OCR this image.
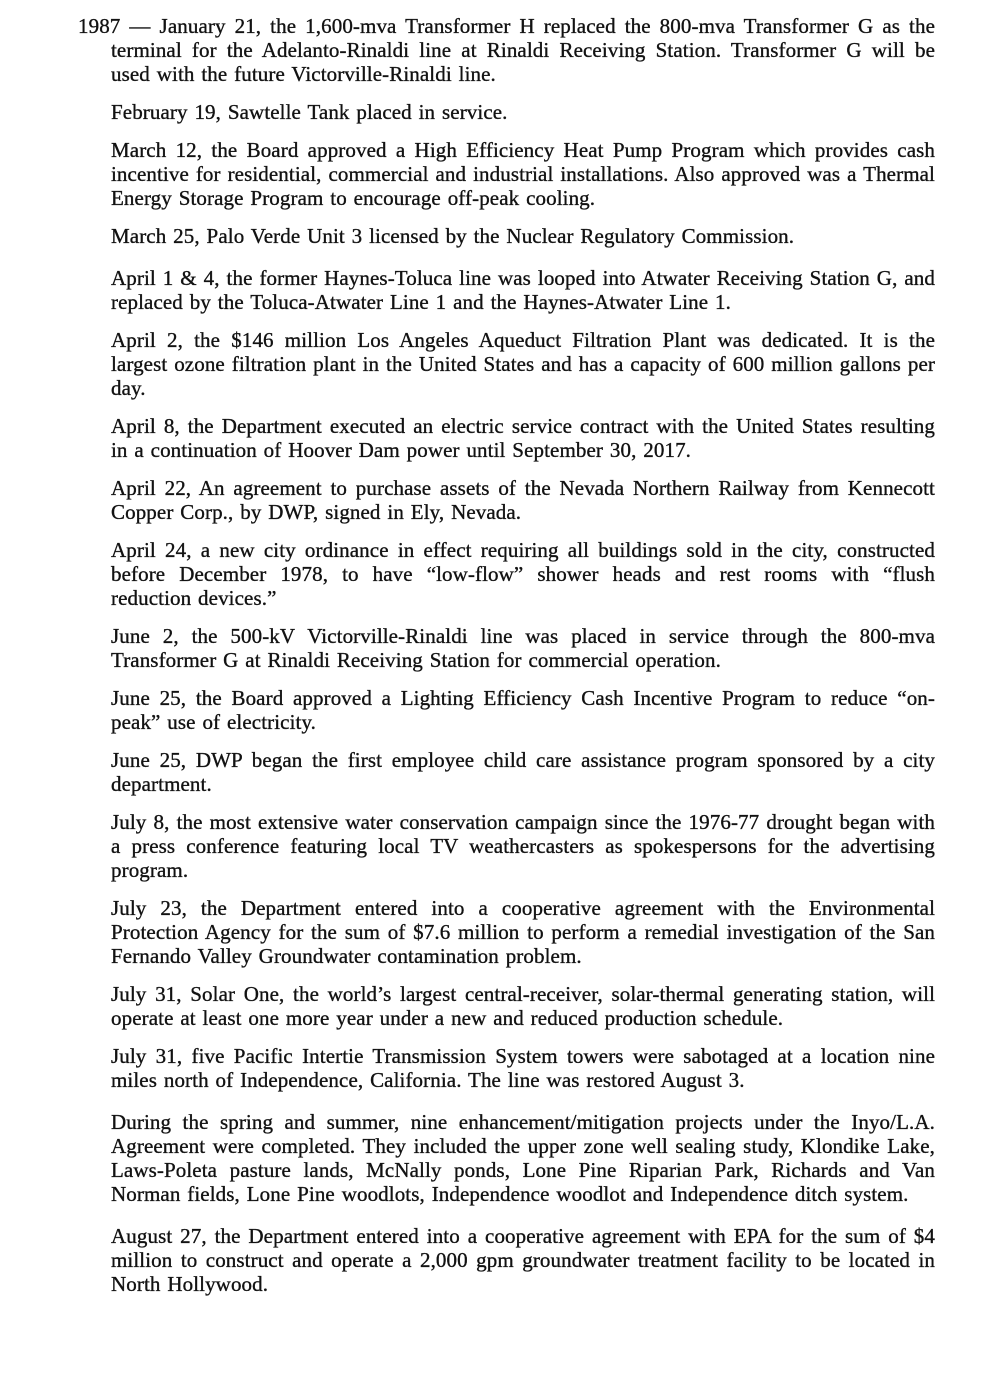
1987 — January 21, the 1,600-mva Transformer H replaced the 800-mva Transformer G as the terminal for the Adelanto-Rinaldi line at Rinaldi Receiving Station. Transformer G will be used with the future Victorville-Rinaldi line.

February 19, Sawtelle Tank placed in service.

March 12, the Board approved a High Efficiency Heat Pump Program which provides cash incentive for residential, commercial and industrial installations. Also approved was a Thermal Energy Storage Program to encourage off-peak cooling.

March 25, Palo Verde Unit 3 licensed by the Nuclear Regulatory Commission.

April 1 & 4, the former Haynes-Toluca line was looped into Atwater Receiving Station G, and replaced by the Toluca-Atwater Line 1 and the Haynes-Atwater Line 1.

April 2, the $146 million Los Angeles Aqueduct Filtration Plant was dedicated. It is the largest ozone filtration plant in the United States and has a capacity of 600 million gallons per day.

April 8, the Department executed an electric service contract with the United States resulting in a continuation of Hoover Dam power until September 30, 2017.

April 22, An agreement to purchase assets of the Nevada Northern Railway from Kennecott Copper Corp., by DWP, signed in Ely, Nevada.

April 24, a new city ordinance in effect requiring all buildings sold in the city, constructed before December 1978, to have “low-flow” shower heads and rest rooms with “flush reduction devices.”

June 2, the 500-kV Victorville-Rinaldi line was placed in service through the 800-mva Transformer G at Rinaldi Receiving Station for commercial operation.

June 25, the Board approved a Lighting Efficiency Cash Incentive Program to reduce “on-peak” use of electricity.

June 25, DWP began the first employee child care assistance program sponsored by a city department.

July 8, the most extensive water conservation campaign since the 1976-77 drought began with a press conference featuring local TV weathercasters as spokespersons for the advertising program.

July 23, the Department entered into a cooperative agreement with the Environmental Protection Agency for the sum of $7.6 million to perform a remedial investigation of the San Fernando Valley Groundwater contamination problem.

July 31, Solar One, the world’s largest central-receiver, solar-thermal generating station, will operate at least one more year under a new and reduced production schedule.

July 31, five Pacific Intertie Transmission System towers were sabotaged at a location nine miles north of Independence, California. The line was restored August 3.

During the spring and summer, nine enhancement/mitigation projects under the Inyo/L.A. Agreement were completed. They included the upper zone well sealing study, Klondike Lake, Laws-Poleta pasture lands, McNally ponds, Lone Pine Riparian Park, Richards and Van Norman fields, Lone Pine woodlots, Independence woodlot and Independence ditch system.

August 27, the Department entered into a cooperative agreement with EPA for the sum of $4 million to construct and operate a 2,000 gpm groundwater treatment facility to be located in North Hollywood.
